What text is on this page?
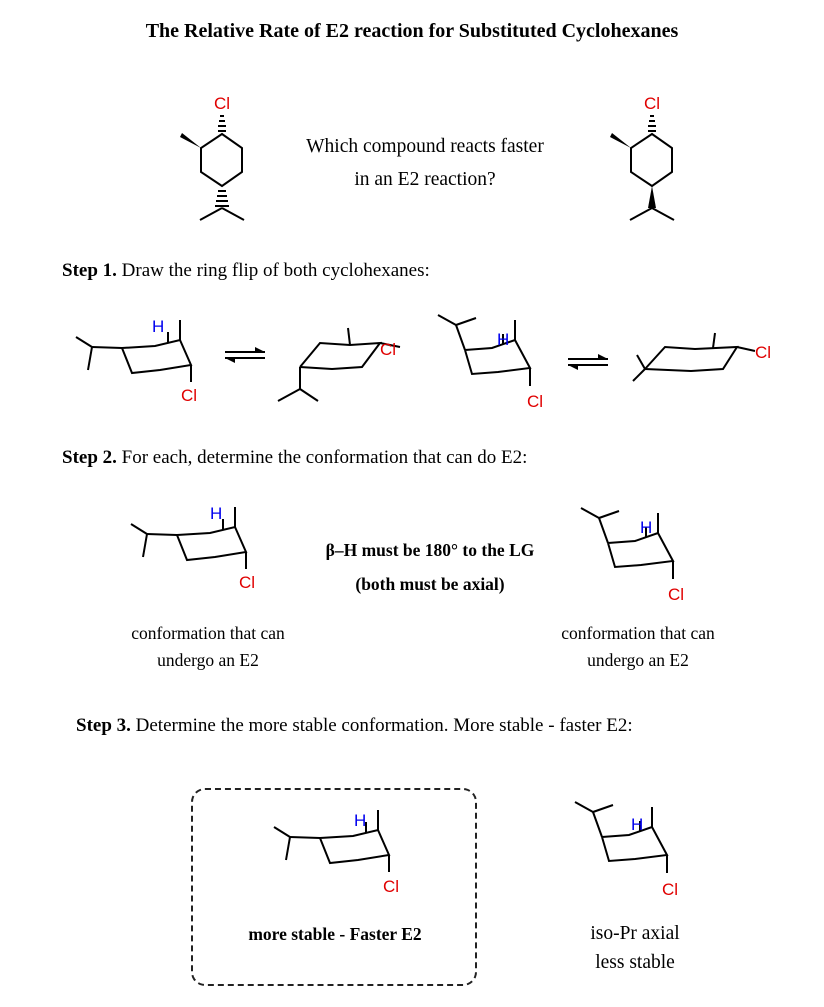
The Relative Rate of E2 reaction for Substituted Cyclohexanes
Cl
Which compound reacts faster
in an E2 reaction?
Cl
Step 1. Draw the ring flip of both cyclohexanes:
H
Cl
Cl
H
Cl
Cl
Step 2. For each, determine the conformation that can do E2:
H
Cl
β–H must be 180° to the LG
(both must be axial)
H
Cl
conformation that can
undergo an E2
conformation that can
undergo an E2
Step 3. Determine the more stable conformation. More stable - faster E2:
H
Cl
more stable - Faster E2
H
Cl
iso-Pr axial
less stable
